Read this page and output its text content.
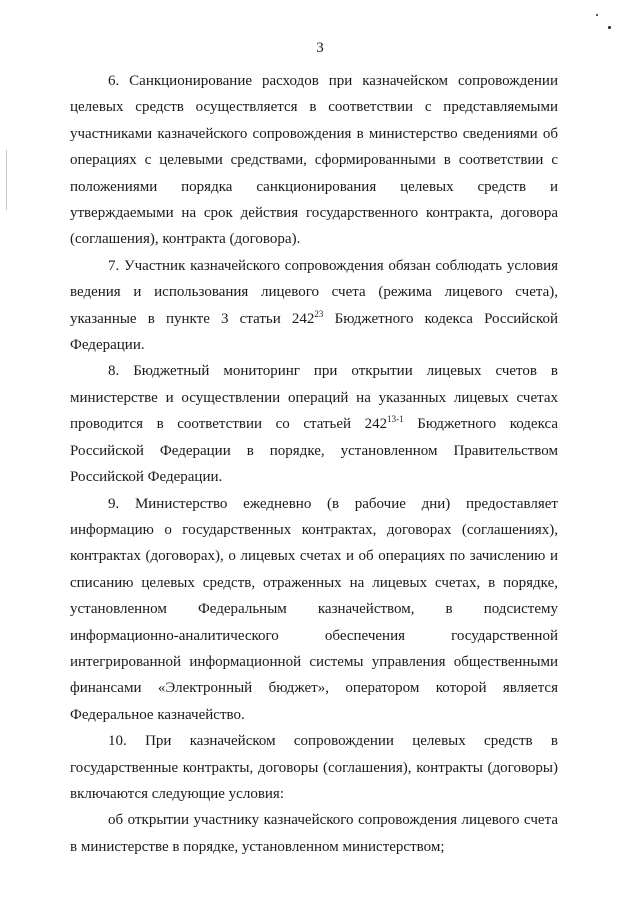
3

6. Санкционирование расходов при казначейском сопровождении целевых средств осуществляется в соответствии с представляемыми участниками казначейского сопровождения в министерство сведениями об операциях с целевыми средствами, сформированными в соответствии с положениями порядка санкционирования целевых средств и утверждаемыми на срок действия государственного контракта, договора (соглашения), контракта (договора).

7. Участник казначейского сопровождения обязан соблюдать условия ведения и использования лицевого счета (режима лицевого счета), указанные в пункте 3 статьи $242^{23}$ Бюджетного кодекса Российской Федерации.

8. Бюджетный мониторинг при открытии лицевых счетов в министерстве и осуществлении операций на указанных лицевых счетах проводится в соответствии со статьей 242$^{13-1}$ Бюджетного кодекса Российской Федерации в порядке, установленном Правительством Российской Федерации.

9. Министерство ежедневно (в рабочие дни) предоставляет информацию о государственных контрактах, договорах (соглашениях), контрактах (договорах), о лицевых счетах и об операциях по зачислению и списанию целевых средств, отраженных на лицевых счетах, в порядке, установленном Федеральным казначейством, в подсистему информационно-аналитического обеспечения государственной интегрированной информационной системы управления общественными финансами «Электронный бюджет», оператором которой является Федеральное казначейство.

10. При казначейском сопровождении целевых средств в государственные контракты, договоры (соглашения), контракты (договоры) включаются следующие условия:

об открытии участнику казначейского сопровождения лицевого счета в министерстве в порядке, установленном министерством;
